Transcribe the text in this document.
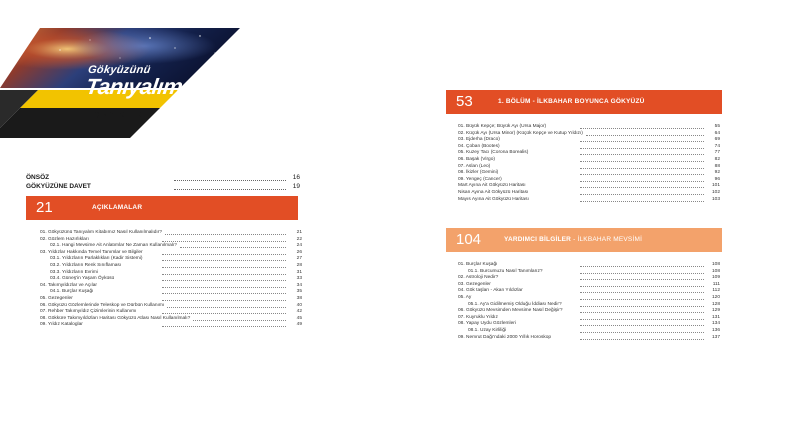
Gökyüzünü
Tanıyalım
İÇİNDEKİLER
ÖNSÖZ	16
GÖKYÜZÜNE DAVET	19
21	AÇIKLAMALAR
01. Gökyüzünü Tanıyalım Kitabımız Nasıl Kullanılmalıdır?	21
02. Gözlem Hazırlıkları	22
02.1. Hangi Mevsime Ait Anlatımlar Ne Zaman Kullanılmalı?	24
03. Yıldızlar Hakkında Temel Tanımlar ve Bilgiler	26
03.1. Yıldızların Parlaklıkları (Kadir Sistemi)	27
03.2. Yıldızların Renk Sınıflaması	28
03.3. Yıldızların Evrimi	31
03.4. Güneş'in Yaşam Öyküsü	33
04. Takımyıldızlar ve Açılar	34
04.1. Burçlar Kuşağı	35
05. Gezegenler	38
06. Gökyüzü Gözlemlerinde Teleskop ve Dürbün Kullanımı	40
07. Rehber Takımyıldız Çizimlerinin Kullanımı	42
08. Gökküre Takımyıldızları Haritası Gökyüzü Atlası Nasıl Kullanılmalı?	45
09. Yıldız Kataloglar	49
53	1. BÖLÜM - İLKBAHAR BOYUNCA GÖKYÜZÜ
01. Büyük Kepçe; Büyük Ayı (Ursa Major)	55
02. Küçük Ayı (Ursa Minor) (Küçük Kepçe ve Kutup Yıldızı)	64
03. Ejderha (Draco)	69
04. Çoban (Bootes)	74
05. Kuzey Tacı (Corona Borealis)	77
06. Başak (Virgo)	82
07. Aslan (Leo)	88
08. İkizler (Gemini)	92
09. Yengeç (Cancer)	96
Mart Ayına Ait Gökyüzü Haritası	101
Nisan Ayına Ait Gökyüzü Haritası	102
Mayıs Ayına Ait Gökyüzü Haritası	103
104	YARDIMCI BİLGİLER - İLKBAHAR MEVSİMİ
01. Burçlar Kuşağı	108
01.1. Burcumuzu Nasıl Tanımlarız?	108
02. Astroloji Nedir?	109
03. Gezegenler	111
04. Gök taşları - Akan Yıldızlar	112
05. Ay	120
05.1. Ay'a Gidilmemiş Olduğu İddiası Nedir?	128
06. Gökyüzü Mevsimden Mevsime Nasıl Değişir?	129
07. Kuyruklu Yıldız	131
08. Yapay Uydu Gözlemleri	134
08.1. Uzay Kirliliği	136
09. Nemrut Dağı'ndaki 2000 Yıllık Horoskop	137
